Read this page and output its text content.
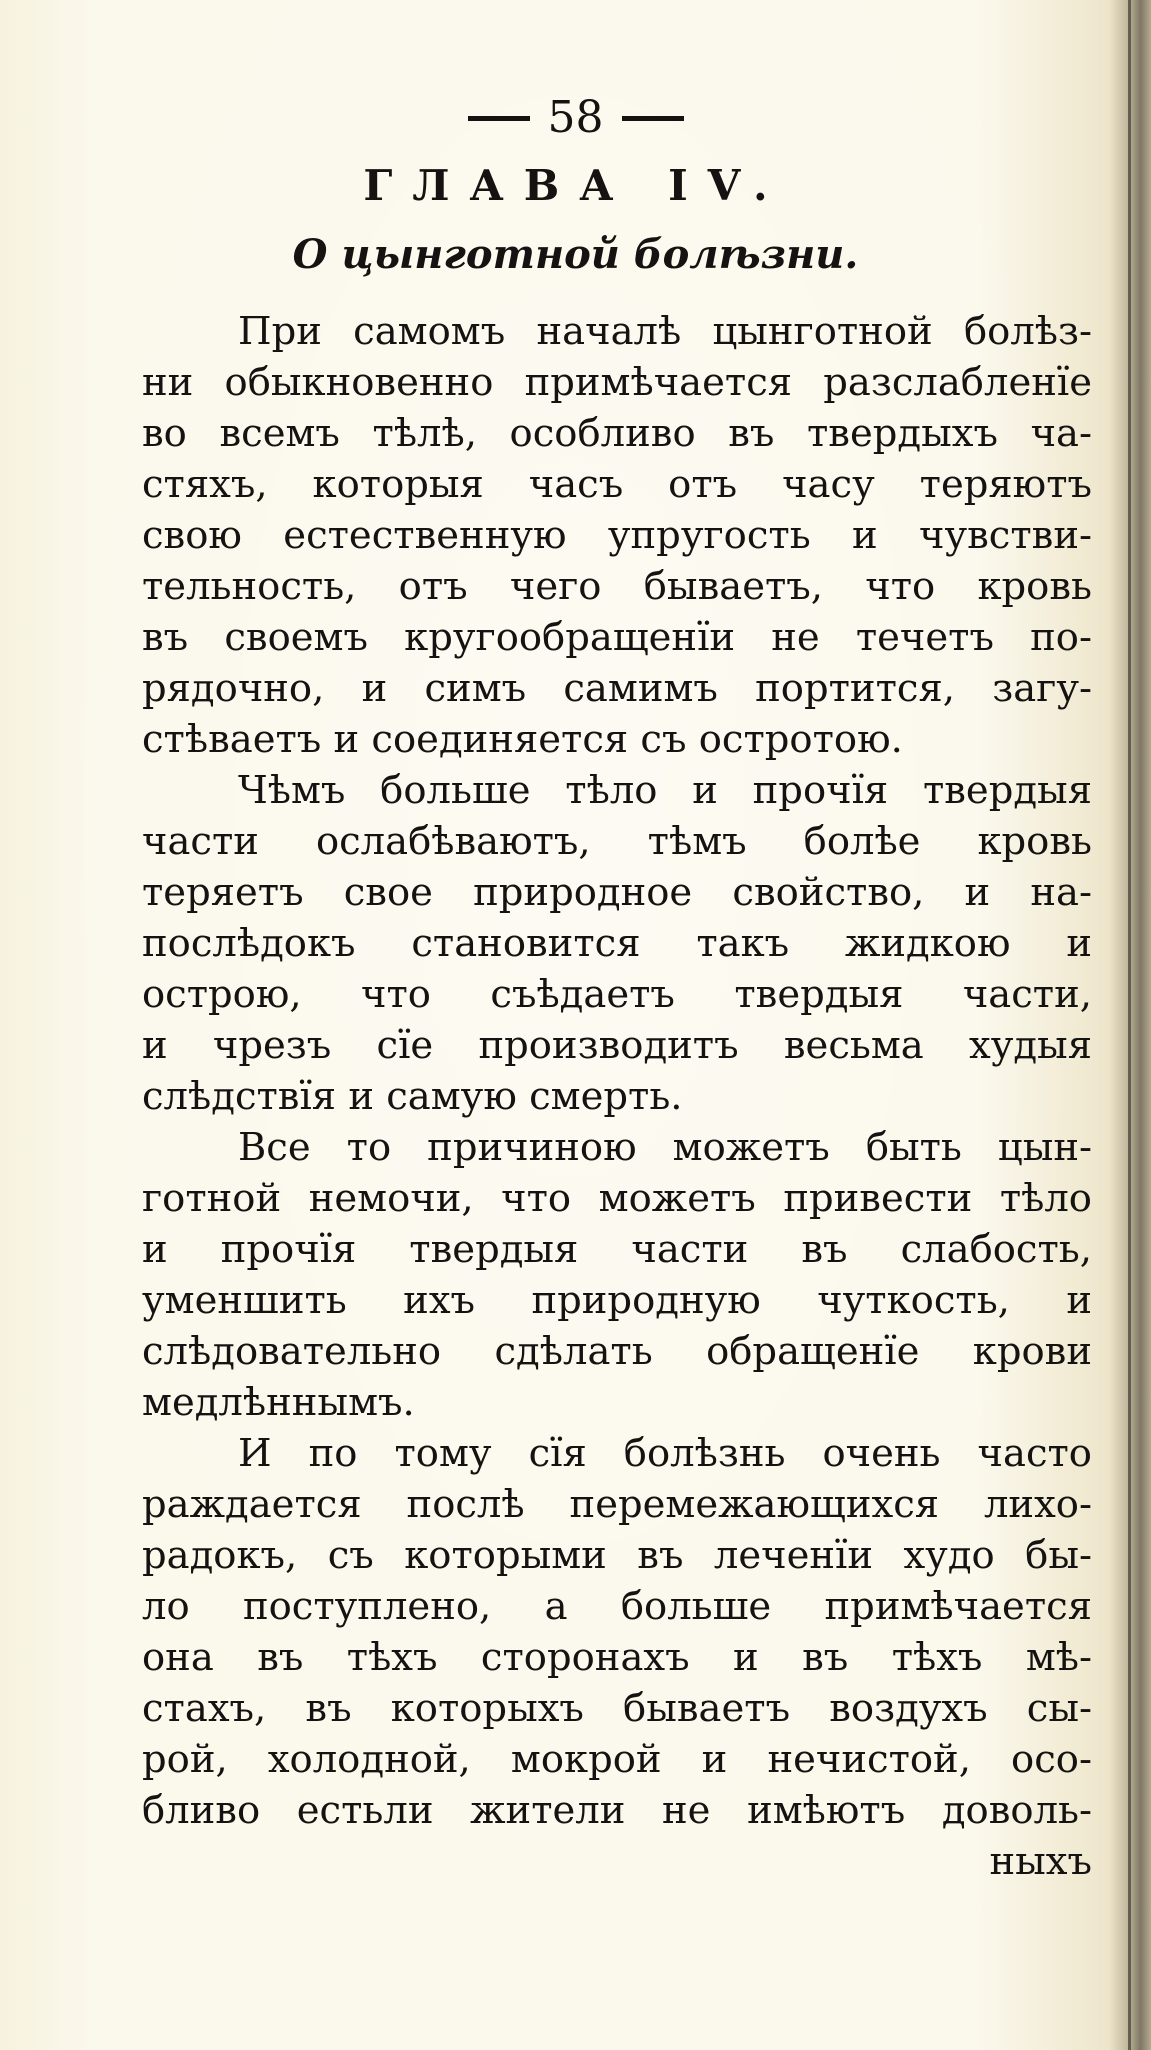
58
ГЛАВА IV.
О цынготной болѣзни.
При самомъ началѣ цынготной болѣз-
ни обыкновенно примѣчается разслабленїе
во всемъ тѣлѣ, особливо въ твердыхъ ча-
стяхъ, которыя часъ отъ часу теряютъ
свою естественную упругость и чувстви-
тельность, отъ чего бываетъ, что кровь
въ своемъ кругообращенїи не течетъ по-
рядочно, и симъ самимъ портится, загу-
стѣваетъ и соединяется съ остротою.
Чѣмъ больше тѣло и прочїя твердыя
части ослабѣваютъ, тѣмъ болѣе кровь
теряетъ свое природное свойство, и на-
послѣдокъ становится такъ жидкою и
острою, что съѣдаетъ твердыя части,
и чрезъ сїе производитъ весьма худыя
слѣдствїя и самую смерть.
Все то причиною можетъ быть цын-
готной немочи, что можетъ привести тѣло
и прочїя твердыя части въ слабость,
уменшить ихъ природную чуткость, и
слѣдовательно сдѣлать обращенїе крови
медлѣннымъ.
И по тому сїя болѣзнь очень часто
раждается послѣ перемежающихся лихо-
радокъ, съ которыми въ леченїи худо бы-
ло поступлено, а больше примѣчается
она въ тѣхъ сторонахъ и въ тѣхъ мѣ-
стахъ, въ которыхъ бываетъ воздухъ сы-
рой, холодной, мокрой и нечистой, осо-
бливо естьли жители не имѣютъ доволь-
ныхъ
